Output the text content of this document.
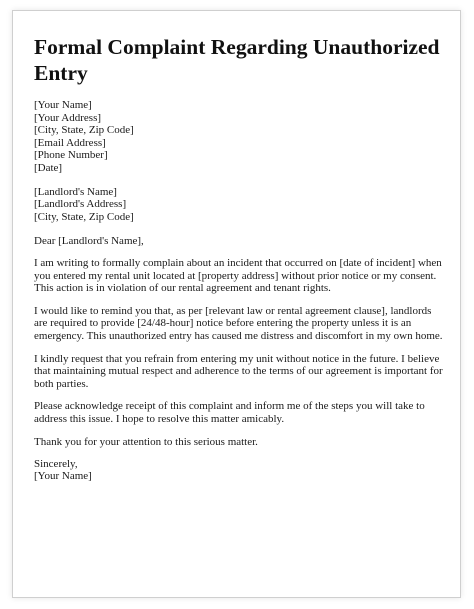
Formal Complaint Regarding Unauthorized Entry
[Your Name]
[Your Address]
[City, State, Zip Code]
[Email Address]
[Phone Number]
[Date]
[Landlord's Name]
[Landlord's Address]
[City, State, Zip Code]

Dear [Landlord's Name],

I am writing to formally complain about an incident that occurred on [date of incident] when you entered my rental unit located at [property address] without prior notice or my consent. This action is in violation of our rental agreement and tenant rights.

I would like to remind you that, as per [relevant law or rental agreement clause], landlords are required to provide [24/48-hour] notice before entering the property unless it is an emergency. This unauthorized entry has caused me distress and discomfort in my own home.

I kindly request that you refrain from entering my unit without notice in the future. I believe that maintaining mutual respect and adherence to the terms of our agreement is important for both parties.

Please acknowledge receipt of this complaint and inform me of the steps you will take to address this issue. I hope to resolve this matter amicably.

Thank you for your attention to this serious matter.

Sincerely,
[Your Name]
